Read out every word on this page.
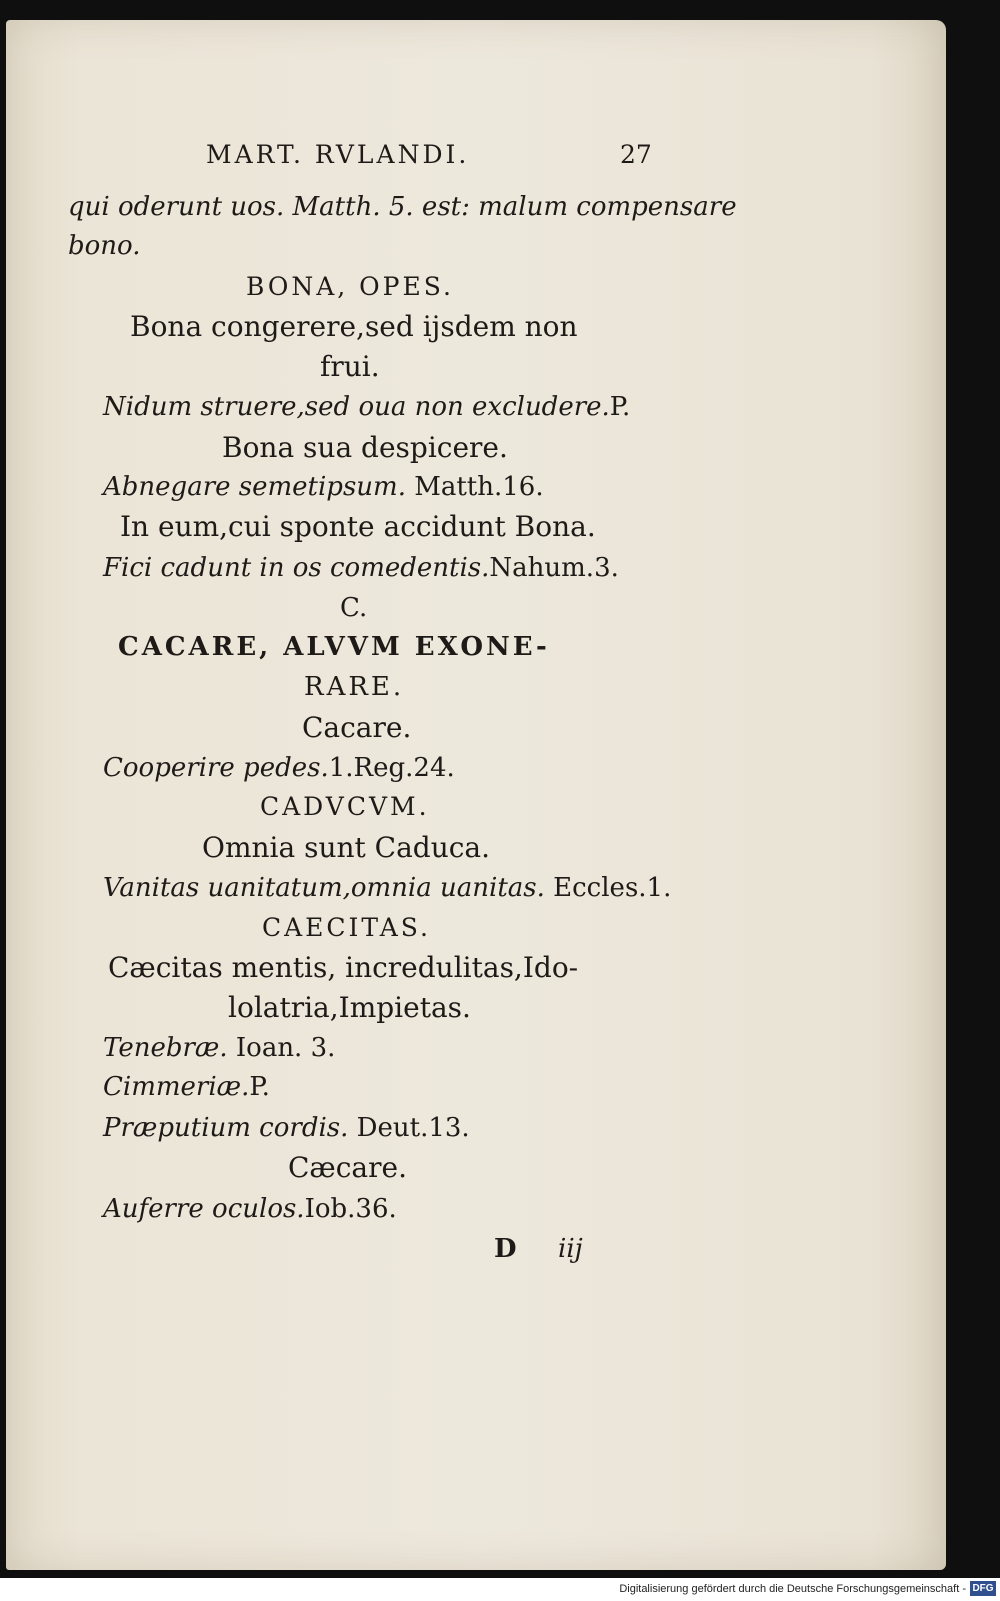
MART. RVLANDI.	27
qui oderunt uos. Matth. 5. est: malum compensare
bono.
BONA, OPES.
Bona congerere,sed ijsdem non
frui.
Nidum struere,sed oua non excludere.P.
Bona sua despicere.
Abnegare semetipsum. Matth.16.
In eum,cui sponte accidunt Bona.
Fici cadunt in os comedentis.Nahum.3.
C.
CACARE, ALVVM EXONE-
RARE.
Cacare.
Cooperire pedes.1.Reg.24.
CADVCVM.
Omnia sunt Caduca.
Vanitas uanitatum,omnia uanitas. Eccles.1.
CAECITAS.
Cæcitas mentis, incredulitas,Ido-
lolatria,Impietas.
Tenebræ. Ioan. 3.
Cimmeriæ.P.
Præputium cordis. Deut.13.
Cæcare.
Auferre oculos.Iob.36.
D iij
Digitalisierung gefördert durch die Deutsche Forschungsgemeinschaft - DFG
